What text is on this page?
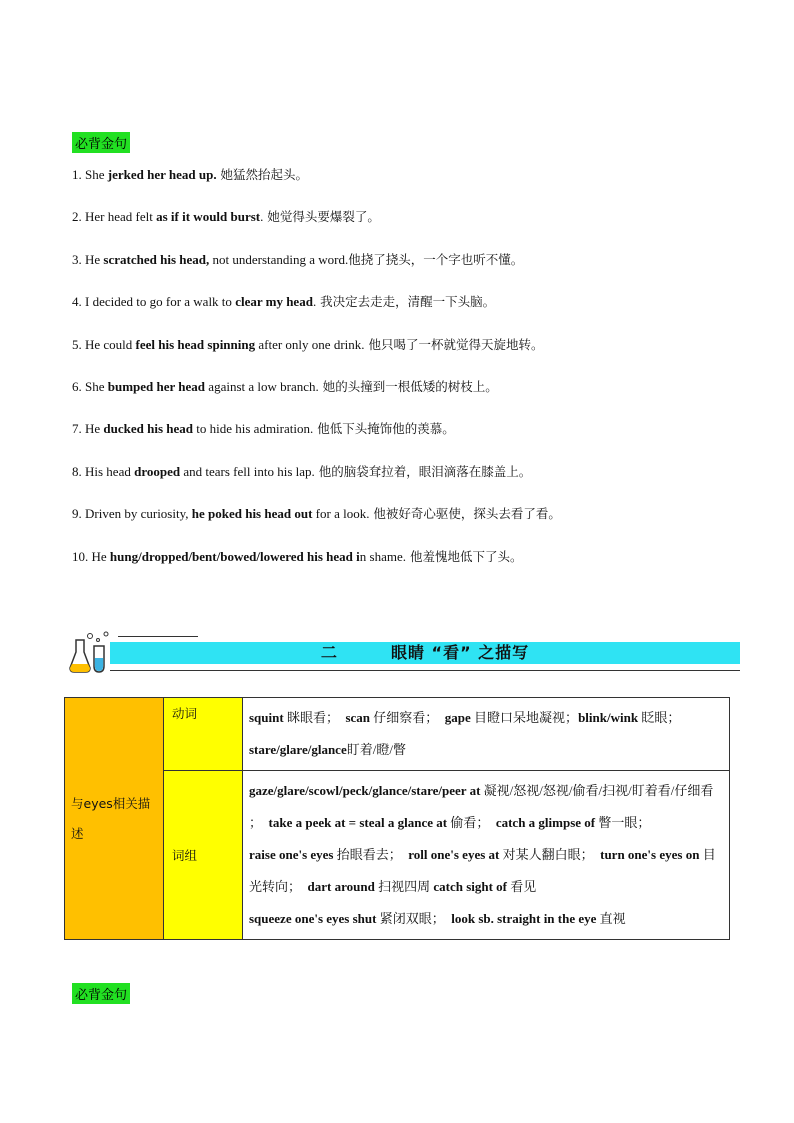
必背金句
1. She jerked her head up. 她猛然抬起头。
2. Her head felt as if it would burst. 她觉得头要爆裂了。
3. He scratched his head, not understanding a word.他挠了挠头，一个字也听不懂。
4. I decided to go for a walk to clear my head. 我决定去走走，清醒一下头脑。
5. He could feel his head spinning after only one drink. 他只喝了一杯就觉得天旋地转。
6. She bumped her head against a low branch. 她的头撞到一根低矮的树枝上。
7. He ducked his head to hide his admiration. 他低下头掩饰他的羡慕。
8. His head drooped and tears fell into his lap. 他的脑袋耷拉着，眼泪滴落在膝盖上。
9. Driven by curiosity, he poked his head out for a look. 他被好奇心驱使，探头去看了看。
10. He hung/dropped/bent/bowed/lowered his head in shame. 他羞愧地低下了头。
二	眼睛 “看” 之描写
与eyes相关描述	动词	squint 眯眼看；  scan 仔细察看；  gape 目瞪口呆地凝视；blink/wink 眨眼；
stare/glare/glance盯着/瞪/瞥

	词组	gaze/glare/scowl/peck/glance/stare/peer at 凝视/怒视/怒视/偷看/扫视/盯着看/仔细看 ；  take a peek at = steal a glance at 偷看；  catch a glimpse of 瞥一眼；
raise one's eyes 抬眼看去；  roll one's eyes at 对某人翻白眼；  turn one's eyes on 目光转向；  dart around 扫视四周 catch sight of 看见
squeeze one's eyes shut 紧闭双眼；  look sb. straight in the eye 直视
必背金句
